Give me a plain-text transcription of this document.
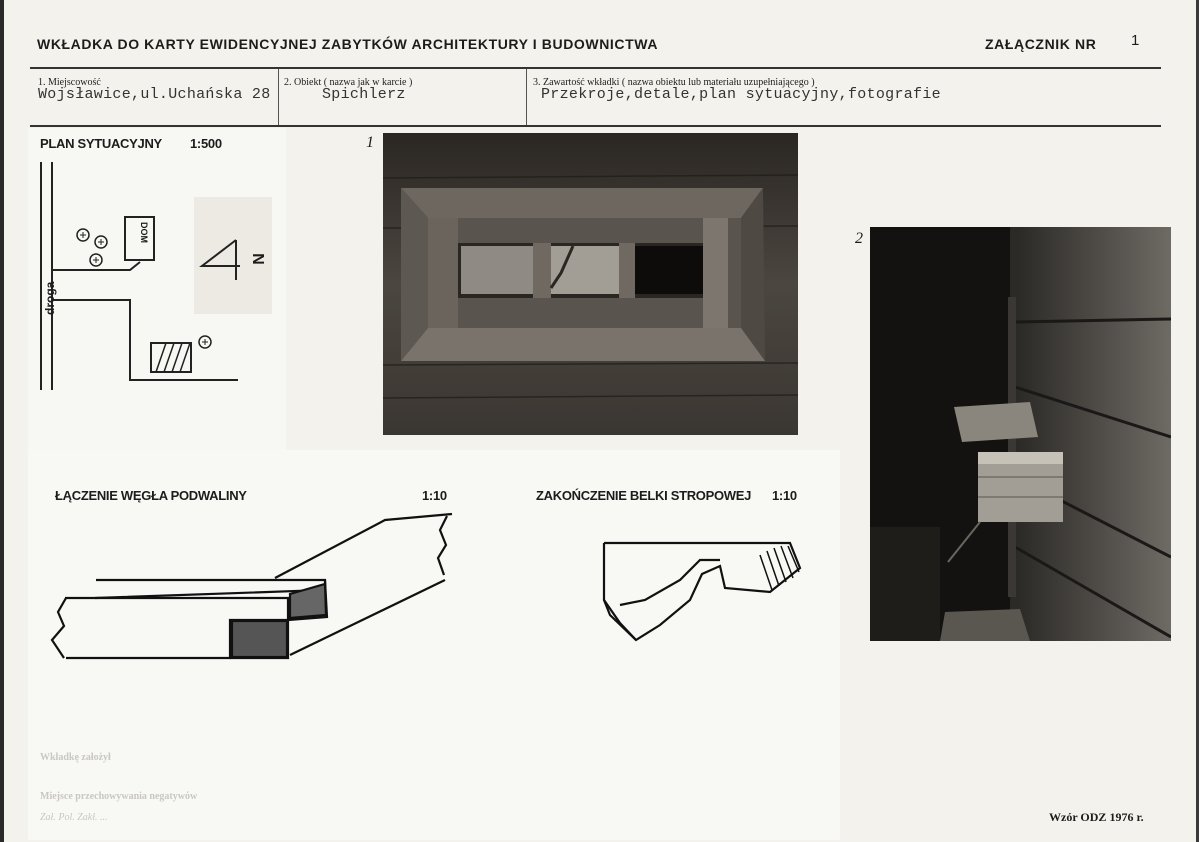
WKŁADKA DO KARTY EWIDENCYJNEJ ZABYTKÓW ARCHITEKTURY I BUDOWNICTWA	ZAŁĄCZNIK NR 1
1. Miejscowość
Wojsławice,ul.Uchańska 28
2. Obiekt ( nazwa jak w karcie )
Spichlerz
3. Zawartość wkładki ( nazwa obiektu lub materiału uzupełniającego )
Przekroje,detale,plan sytuacyjny,fotografie
PLAN SYTUACYJNY 1:500
droga
DOM
N
1
2
ŁĄCZENIE WĘGŁA PODWALINY	1:10	ZAKOŃCZENIE BELKI STROPOWEJ 1:10
Wkładkę założył
Miejsce przechowywania negatywów
Zał. Pol. Zakł. ...	Wzór ODZ 1976 r.
